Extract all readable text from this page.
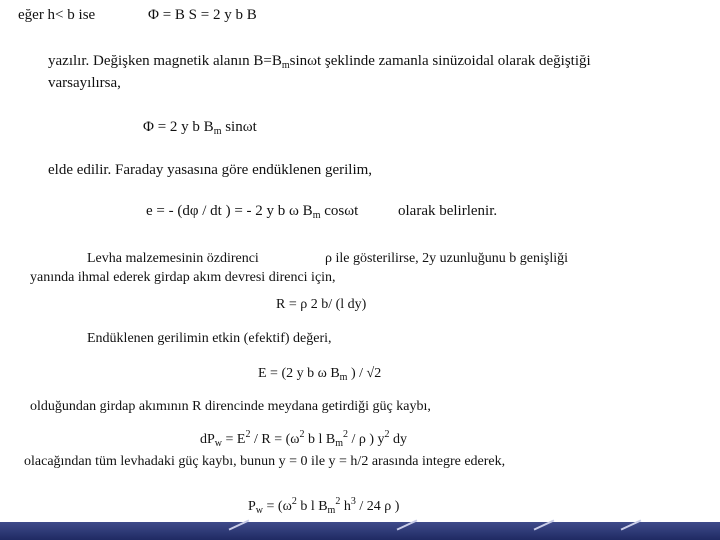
eğer h< b ise	Φ = B S = 2 y b B
yazılır. Değişken magnetik alanın $B=B_m\sin\omega t$ şeklinde zamanla sinüzoidal olarak değiştiği
varsayılırsa,
Φ = 2 y b $B_m$ sinωt
elde edilir. Faraday yasasına göre endüklenen gerilim,
e = - (dφ / dt ) = - 2 y b ω $B_m$ cosωt	olarak belirlenir.
Levha malzemesinin özdirenci	ρ ile gösterilirse, 2y uzunluğunu b genişliği
yanında ihmal ederek girdap akım devresi direnci için,
R = ρ 2 b/ (l dy)
Endüklenen gerilimin etkin (efektif) değeri,
E = (2 y b ω $B_m$ ) / √2
olduğundan girdap akımının R direncinde meydana getirdiği güç kaybı,
$dP_w = E^2 / R = (\omega^2$ b l $B_m^2$ / ρ ) $y^2$ dy
olacağından tüm levhadaki güç kaybı, bunun y = 0 ile y = h/2 arasında integre ederek,
$P_w = (\omega^2$ b l $B_m^2$ $h^3 / 24$ ρ )
